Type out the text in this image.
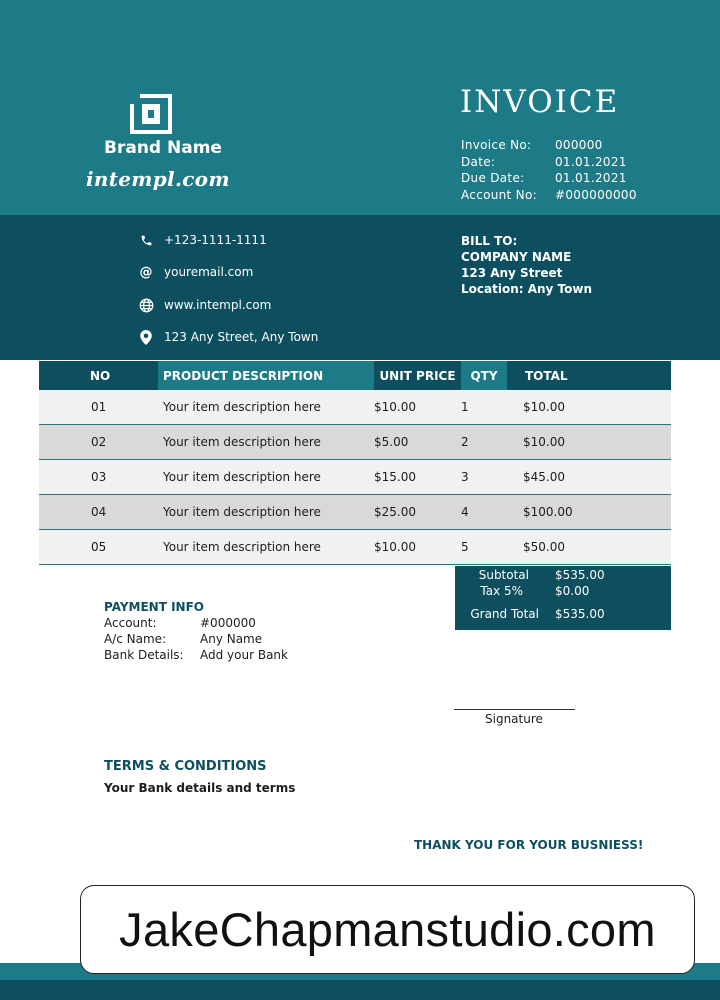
Brand Name
intempl.com
INVOICE
Invoice No:	000000
Date:	01.01.2021
Due Date:	01.01.2021
Account No:	#000000000
+123-1111-1111
@ youremail.com
www.intempl.com
123 Any Street, Any Town
BILL TO:
COMPANY NAME
123 Any Street
Location: Any Town
NO	PRODUCT DESCRIPTION	UNIT PRICE	QTY	TOTAL
01	Your item description here	$10.00	1	$10.00
02	Your item description here	$5.00	2	$10.00
03	Your item description here	$15.00	3	$45.00
04	Your item description here	$25.00	4	$100.00
05	Your item description here	$10.00	5	$50.00
Subtotal $535.00
Tax 5%	$0.00
Grand Total $535.00
PAYMENT INFO
Account:	#000000
A/c Name:	Any Name
Bank Details:	Add your Bank
Signature
TERMS & CONDITIONS
Your Bank details and terms
THANK YOU FOR YOUR BUSNIESS!
JakeChapmanstudio.com
